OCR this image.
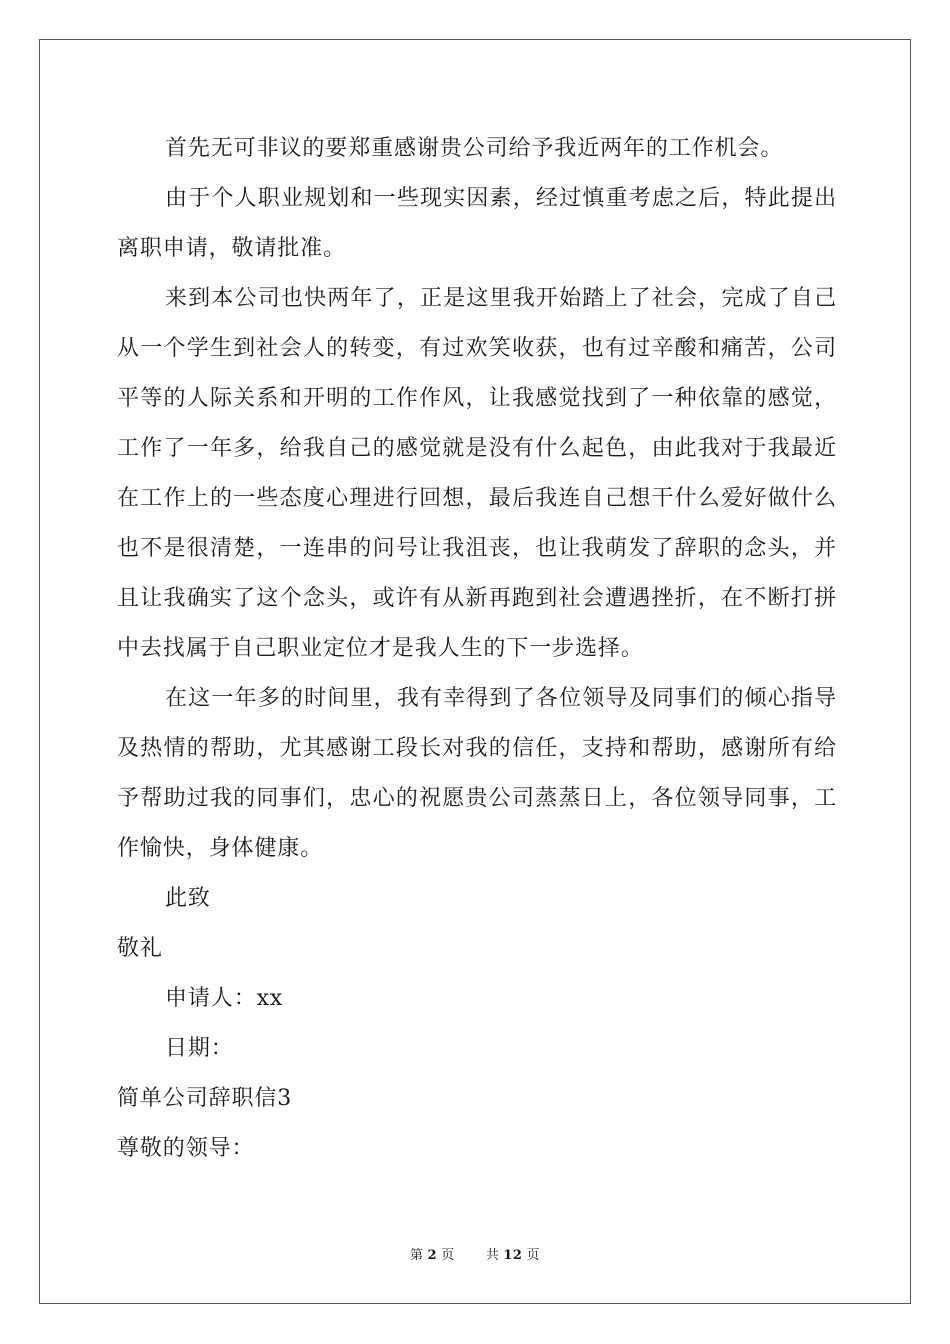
首先无可非议的要郑重感谢贵公司给予我近两年的工作机会。

由于个人职业规划和一些现实因素，经过慎重考虑之后，特此提出离职申请，敬请批准。

来到本公司也快两年了，正是这里我开始踏上了社会，完成了自己从一个学生到社会人的转变，有过欢笑收获，也有过辛酸和痛苦，公司平等的人际关系和开明的工作作风，让我感觉找到了一种依靠的感觉，工作了一年多，给我自己的感觉就是没有什么起色，由此我对于我最近在工作上的一些态度心理进行回想，最后我连自己想干什么爱好做什么也不是很清楚，一连串的问号让我沮丧，也让我萌发了辞职的念头，并且让我确实了这个念头，或许有从新再跑到社会遭遇挫折，在不断打拼中去找属于自己职业定位才是我人生的下一步选择。

在这一年多的时间里，我有幸得到了各位领导及同事们的倾心指导及热情的帮助，尤其感谢工段长对我的信任，支持和帮助，感谢所有给予帮助过我的同事们，忠心的祝愿贵公司蒸蒸日上，各位领导同事，工作愉快，身体健康。

此致

敬礼

申请人：xx

日期：

简单公司辞职信3

尊敬的领导：

第 2 页 共 12 页
